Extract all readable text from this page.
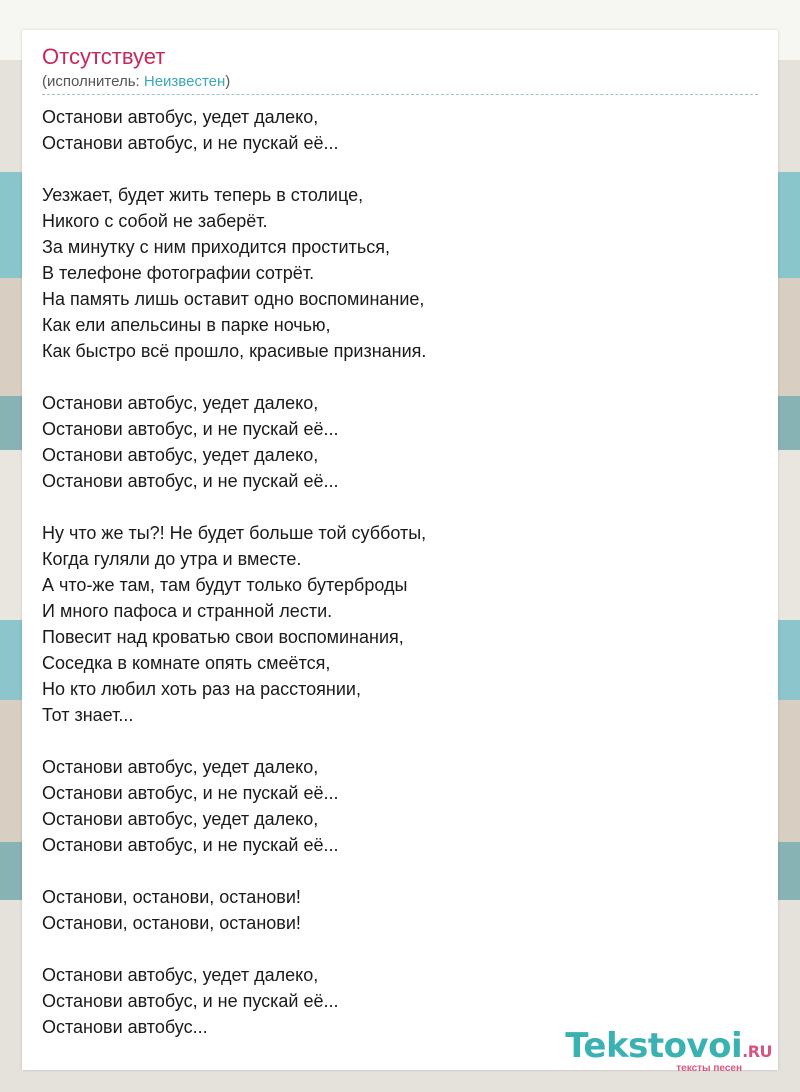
Отсутствует
(исполнитель: Неизвестен)
Останови автобус, уедет далеко,
Останови автобус, и не пускай её...
Уезжает, будет жить теперь в столице,
Никого с собой не заберёт.
За минутку с ним приходится проститься,
В телефоне фотографии сотрёт.
На память лишь оставит одно воспоминание,
Как ели апельсины в парке ночью,
Как быстро всё прошло, красивые признания.
Останови автобус, уедет далеко,
Останови автобус, и не пускай её...
Останови автобус, уедет далеко,
Останови автобус, и не пускай её...
Ну что же ты?! Не будет больше той субботы,
Когда гуляли до утра и вместе.
А что-же там, там будут только бутерброды
И много пафоса и странной лести.
Повесит над кроватью свои воспоминания,
Соседка в комнате опять смеётся,
Но кто любил хоть раз на расстоянии,
Тот знает...
Останови автобус, уедет далеко,
Останови автобус, и не пускай её...
Останови автобус, уедет далеко,
Останови автобус, и не пускай её...
Останови, останови, останови!
Останови, останови, останови!
Останови автобус, уедет далеко,
Останови автобус, и не пускай её...
Останови автобус...	Tekstovoi.RU
тексты песен
